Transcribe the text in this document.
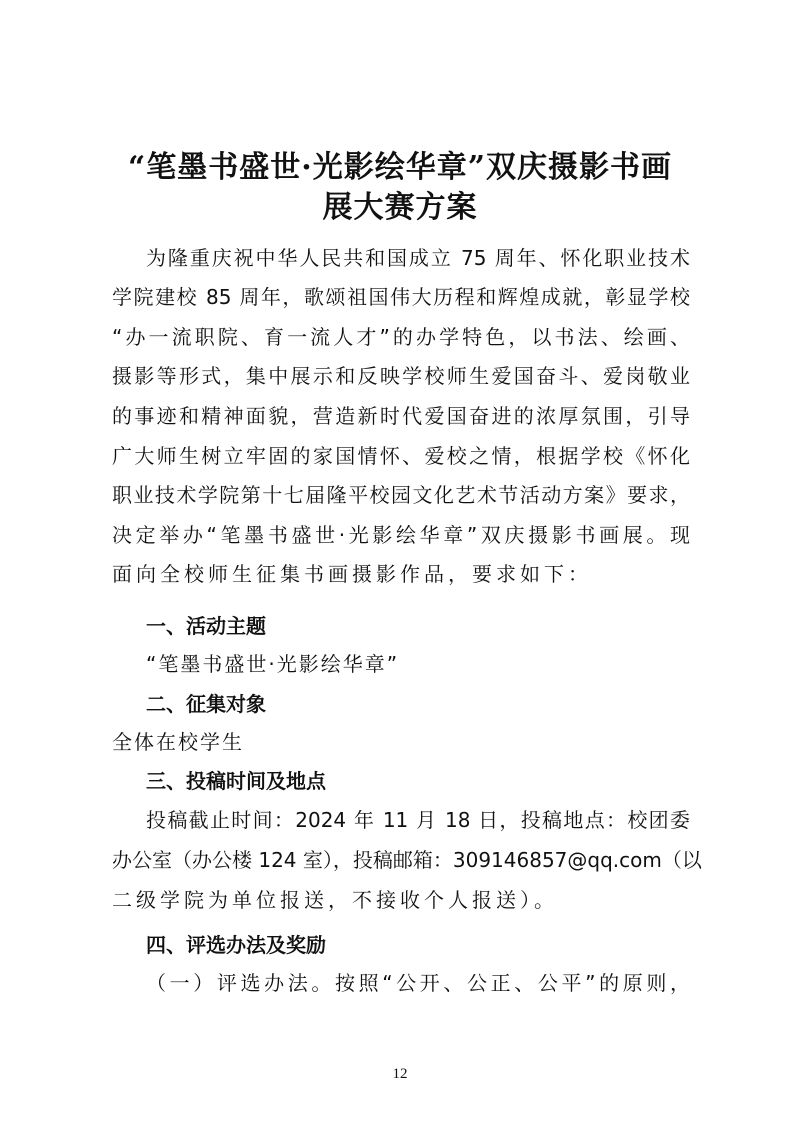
“笔墨书盛世·光影绘华章”双庆摄影书画
展大赛方案
为隆重庆祝中华人民共和国成立 75 周年、怀化职业技术
学院建校 85 周年，歌颂祖国伟大历程和辉煌成就，彰显学校
“办一流职院、育一流人才”的办学特色，以书法、绘画、
摄影等形式，集中展示和反映学校师生爱国奋斗、爱岗敬业
的事迹和精神面貌，营造新时代爱国奋进的浓厚氛围，引导
广大师生树立牢固的家国情怀、爱校之情，根据学校《怀化
职业技术学院第十七届隆平校园文化艺术节活动方案》要求，
决定举办“笔墨书盛世·光影绘华章”双庆摄影书画展。现
面向全校师生征集书画摄影作品，要求如下：
一、活动主题
“笔墨书盛世·光影绘华章”
二、征集对象
全体在校学生
三、投稿时间及地点
投稿截止时间：2024 年 11 月 18 日，投稿地点：校团委
办公室（办公楼 124 室），投稿邮箱：309146857@qq.com（以
二级学院为单位报送，不接收个人报送）。
四、评选办法及奖励
（一）评选办法。按照“公开、公正、公平”的原则，
12
